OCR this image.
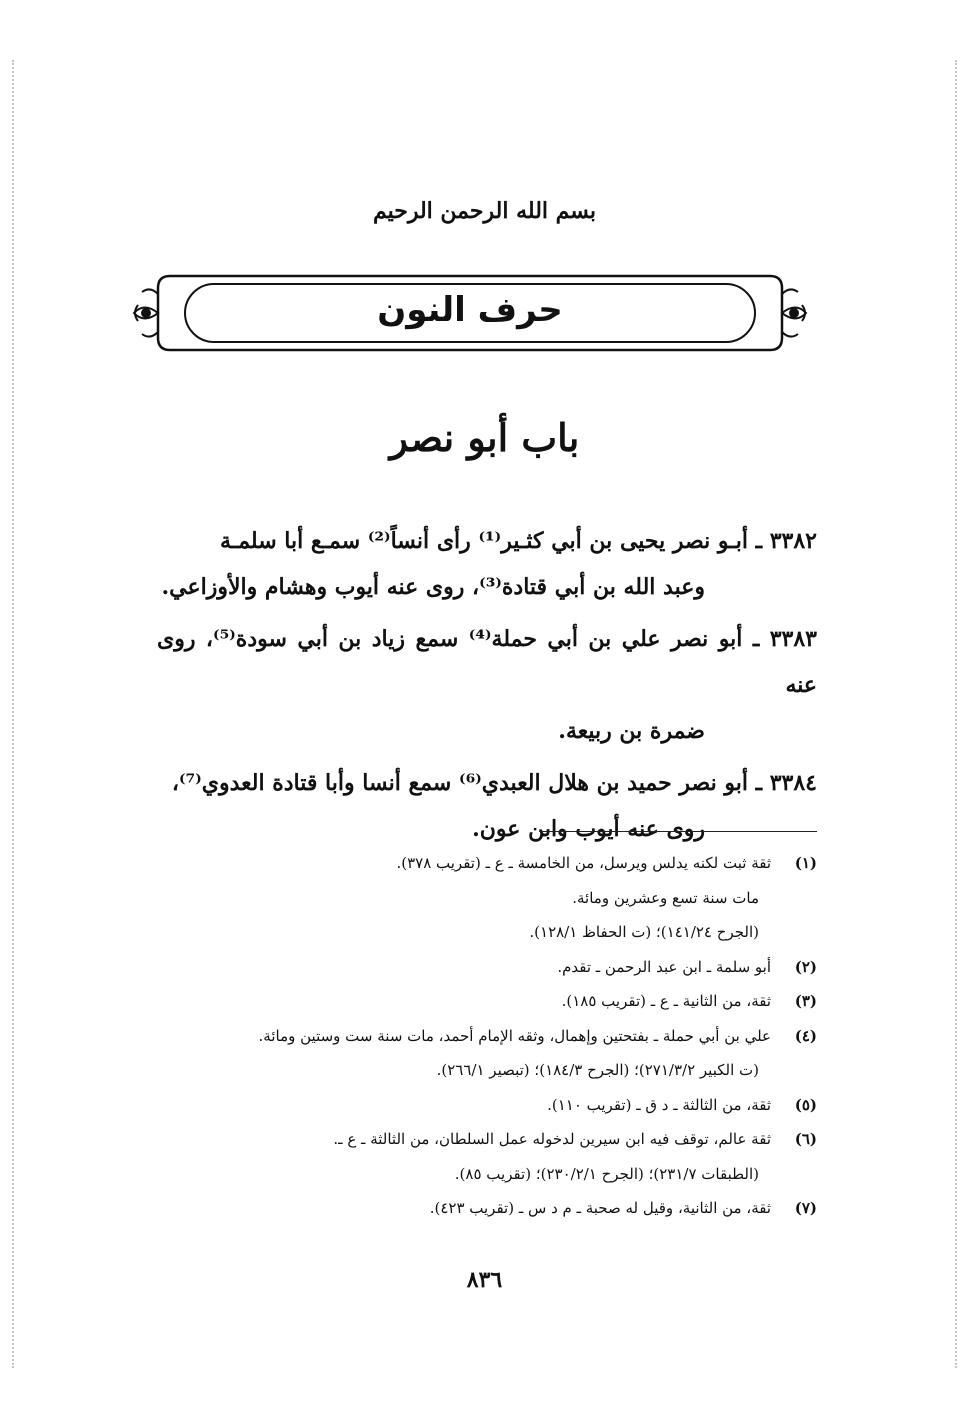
بسم الله الرحمن الرحيم
حرف النون
باب أبو نصر
٣٣٨٢ ـ أبـو نصر يحيى بن أبي كثـير⁽¹⁾ رأى أنساً⁽²⁾ سمـع أبا سلمـة
وعبد الله بن أبي قتادة⁽³⁾، روى عنه أيوب وهشام والأوزاعي.
٣٣٨٣ ـ أبو نصر علي بن أبي حملة⁽⁴⁾ سمع زياد بن أبي سودة⁽⁵⁾، روى عنه
ضمرة بن ربيعة.
٣٣٨٤ ـ أبو نصر حميد بن هلال العبدي⁽⁶⁾ سمع أنسا وأبا قتادة العدوي⁽⁷⁾،
روى عنه أيوب وابن عون.
(١)
ثقة ثبت لكنه يدلس ويرسل، من الخامسة ـ ع ـ (تقريب ٣٧٨).
مات سنة تسع وعشرين ومائة.
(الجرح ١٤١/٢٤)؛ (ت الحفاظ ١٢٨/١).
(٢)
أبو سلمة ـ ابن عبد الرحمن ـ تقدم.
(٣)
ثقة، من الثانية ـ ع ـ (تقريب ١٨٥).
(٤)
علي بن أبي حملة ـ بفتحتين وإهمال، وثقه الإمام أحمد، مات سنة ست وستين ومائة.
(ت الكبير ٢٧١/٣/٢)؛ (الجرح ١٨٤/٣)؛ (تبصير ٢٦٦/١).
(٥)
ثقة، من الثالثة ـ د ق ـ (تقريب ١١٠).
(٦)
ثقة عالم، توقف فيه ابن سيرين لدخوله عمل السلطان، من الثالثة ـ ع ـ.
(الطبقات ٢٣١/٧)؛ (الجرح ٢٣٠/٢/١)؛ (تقريب ٨٥).
(٧)
ثقة، من الثانية، وقيل له صحبة ـ م د س ـ (تقريب ٤٢٣).
٨٣٦
